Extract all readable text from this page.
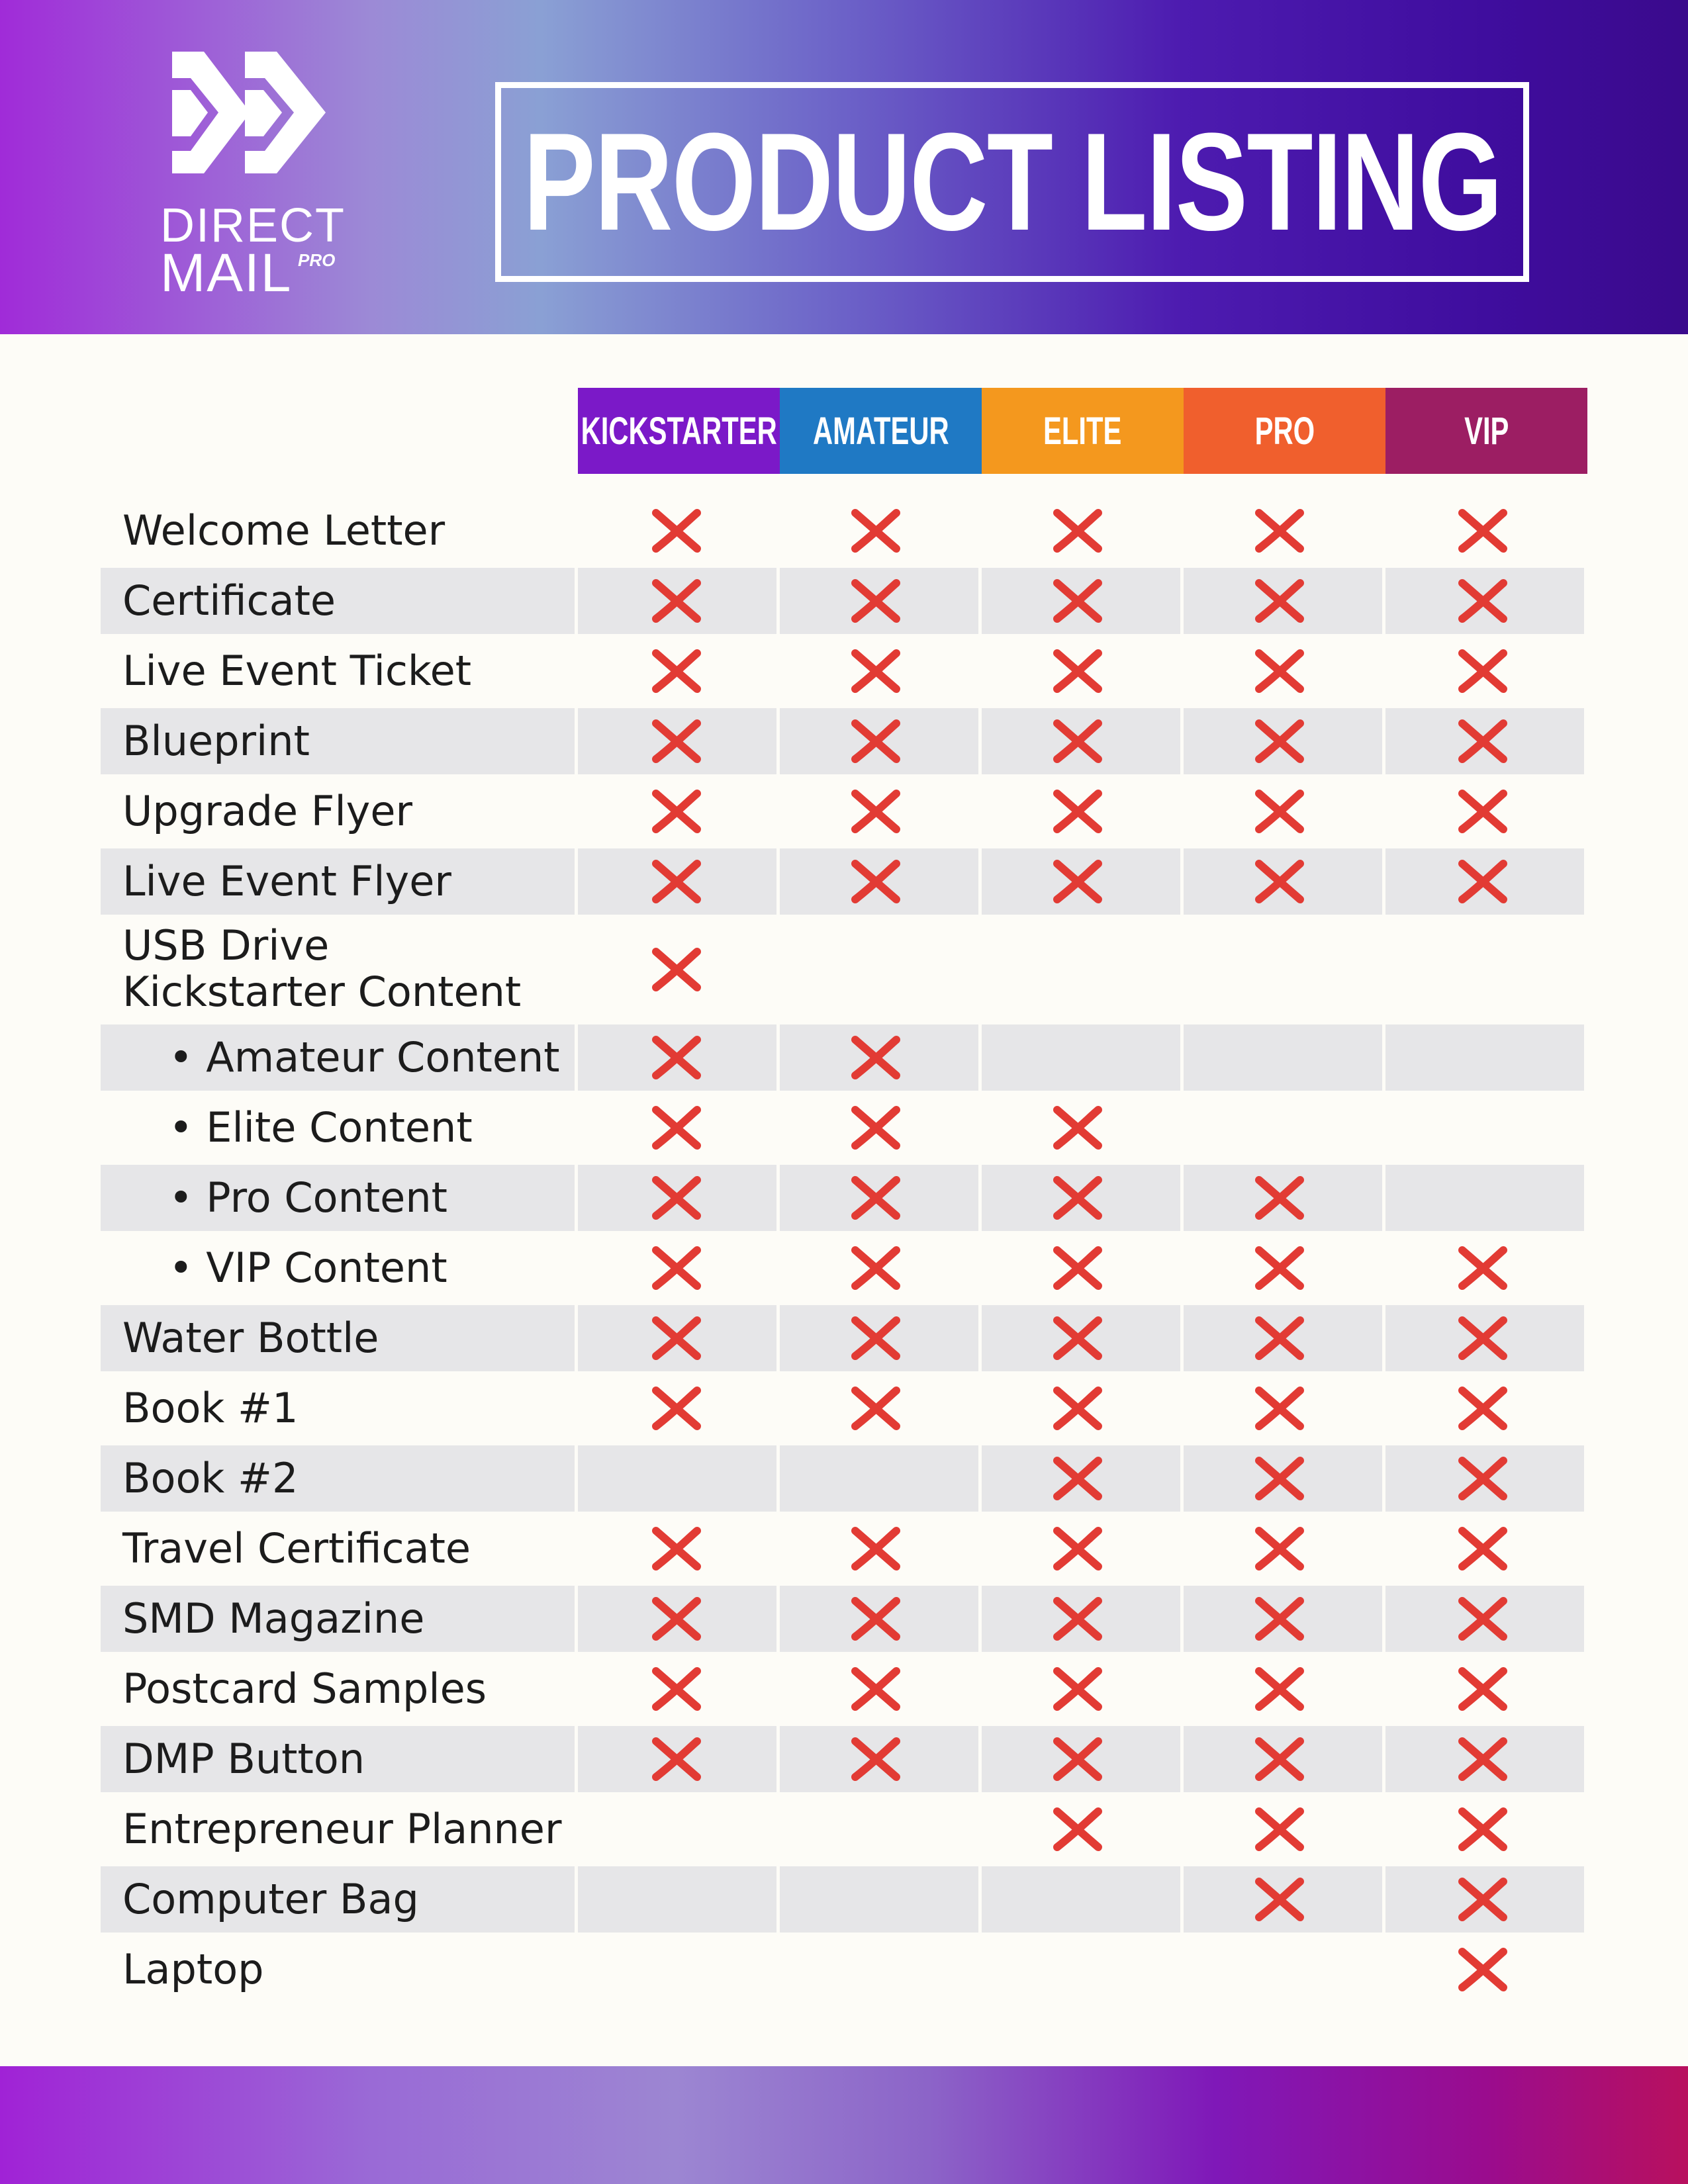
DIRECT
MAIL PRO
PRODUCT LISTING
KICKSTARTER AMATEUR ELITE	PRO	VIP
Welcome Letter
Certificate
Live Event Ticket
Blueprint
Upgrade Flyer
Live Event Flyer
USB Drive
Kickstarter Content
• Amateur Content
• Elite Content
• Pro Content
• VIP Content
Water Bottle
Book #1
Book #2
Travel Certificate
SMD Magazine
Postcard Samples
DMP Button
Entrepreneur Planner
Computer Bag
Laptop
